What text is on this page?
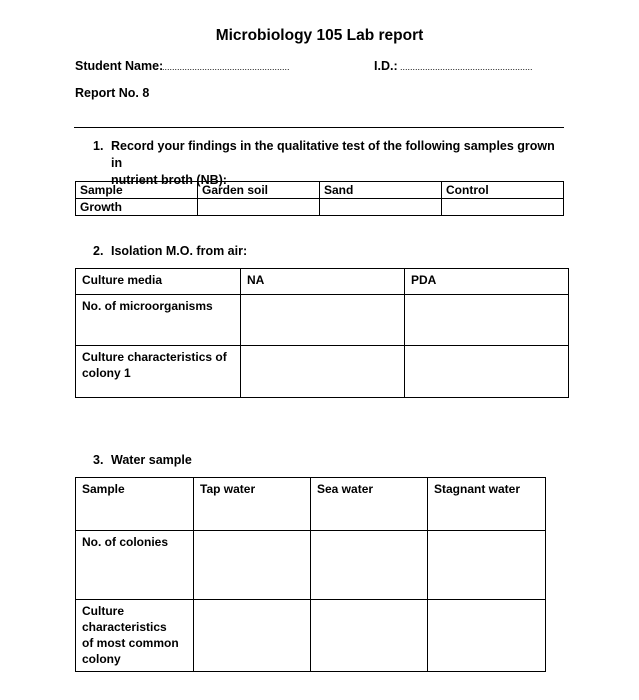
Microbiology 105 Lab report
Student Name:
...................................................	I.D.: .....................................................
Report No. 8
1. Record your findings in the qualitative test of the following samples grown in
nutrient broth (NB):
Sample	Garden soil	Sand	Control
Growth			
2. Isolation M.O. from air:
Culture media	NA	PDA
No. of microorganisms		
Culture characteristics of colony 1		
3. Water sample
Sample	Tap water	Sea water	Stagnant water
No. of colonies			
Culture characteristics of most common colony			
